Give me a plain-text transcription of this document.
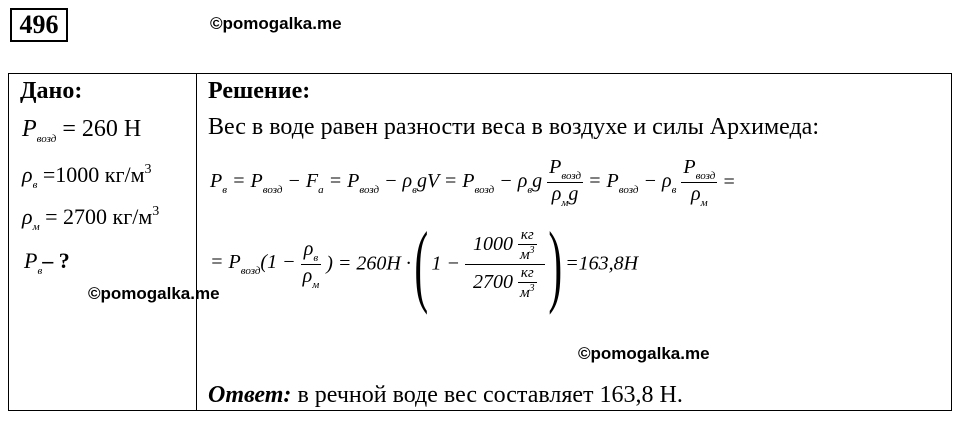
496	©pomogalka.me
Дано:
$P_{возд} = 260$ Н
$\rho_в =1000$ $кг/м^3$
$\rho_м = 2700$ $кг/м^3$
$P_в-$ ?
©pomogalka.me
Решение:
Вес в воде равен разности веса в воздухе и силы Архимеда:
$P_в = P_{возд} - F_a = P_{возд} - \rho_вgV = P_{возд} - \rho_вg$
$P_{возд}$
$\rho_мg$
= $P_{возд} - \rho_в$
$P_{возд}$
$\rho_м$
=
= $P_{возд}(1$ −
$\rho_в$
$\rho_м$
) = 260H · ( 1 −
1000 кг
$м^3$
2700 кг
$м^3$ ) =163,8H
©pomogalka.me
Ответ: в речной воде вес составляет 163,8 Н.
